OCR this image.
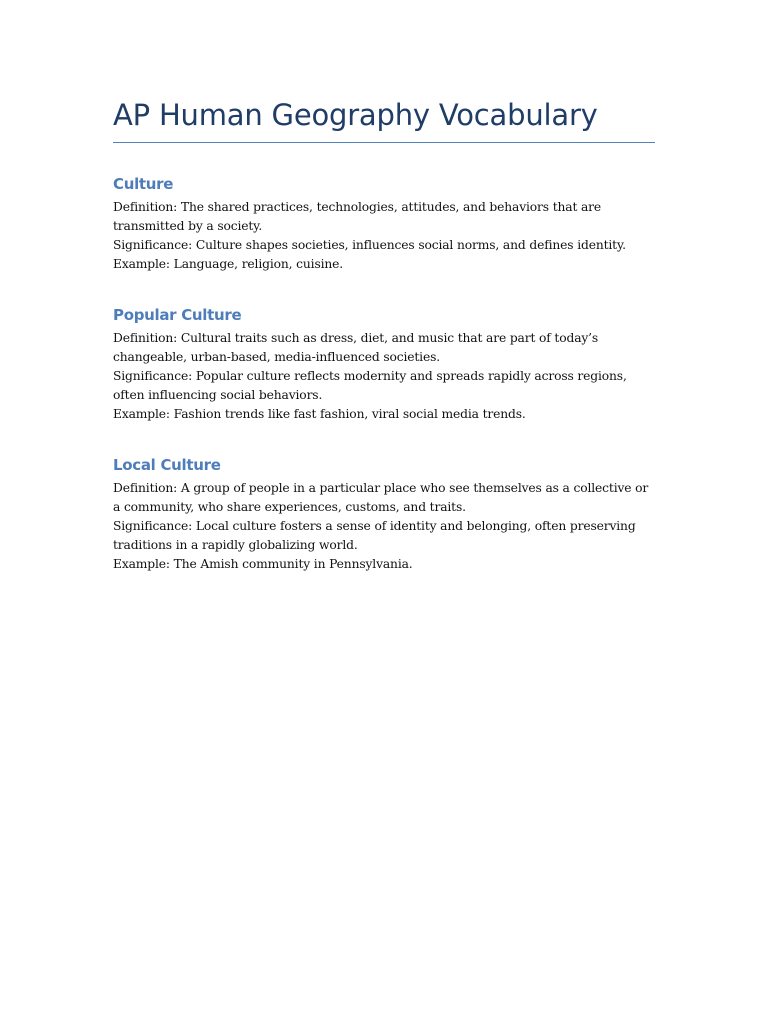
AP Human Geography Vocabulary
Culture

Definition: The shared practices, technologies, attitudes, and behaviors that are transmitted by a society.

Significance: Culture shapes societies, influences social norms, and defines identity.

Example: Language, religion, cuisine.

Popular Culture

Definition: Cultural traits such as dress, diet, and music that are part of today’s changeable, urban-based, media-influenced societies.

Significance: Popular culture reflects modernity and spreads rapidly across regions, often influencing social behaviors.

Example: Fashion trends like fast fashion, viral social media trends.

Local Culture

Definition: A group of people in a particular place who see themselves as a collective or a community, who share experiences, customs, and traits.

Significance: Local culture fosters a sense of identity and belonging, often preserving traditions in a rapidly globalizing world.

Example: The Amish community in Pennsylvania.
